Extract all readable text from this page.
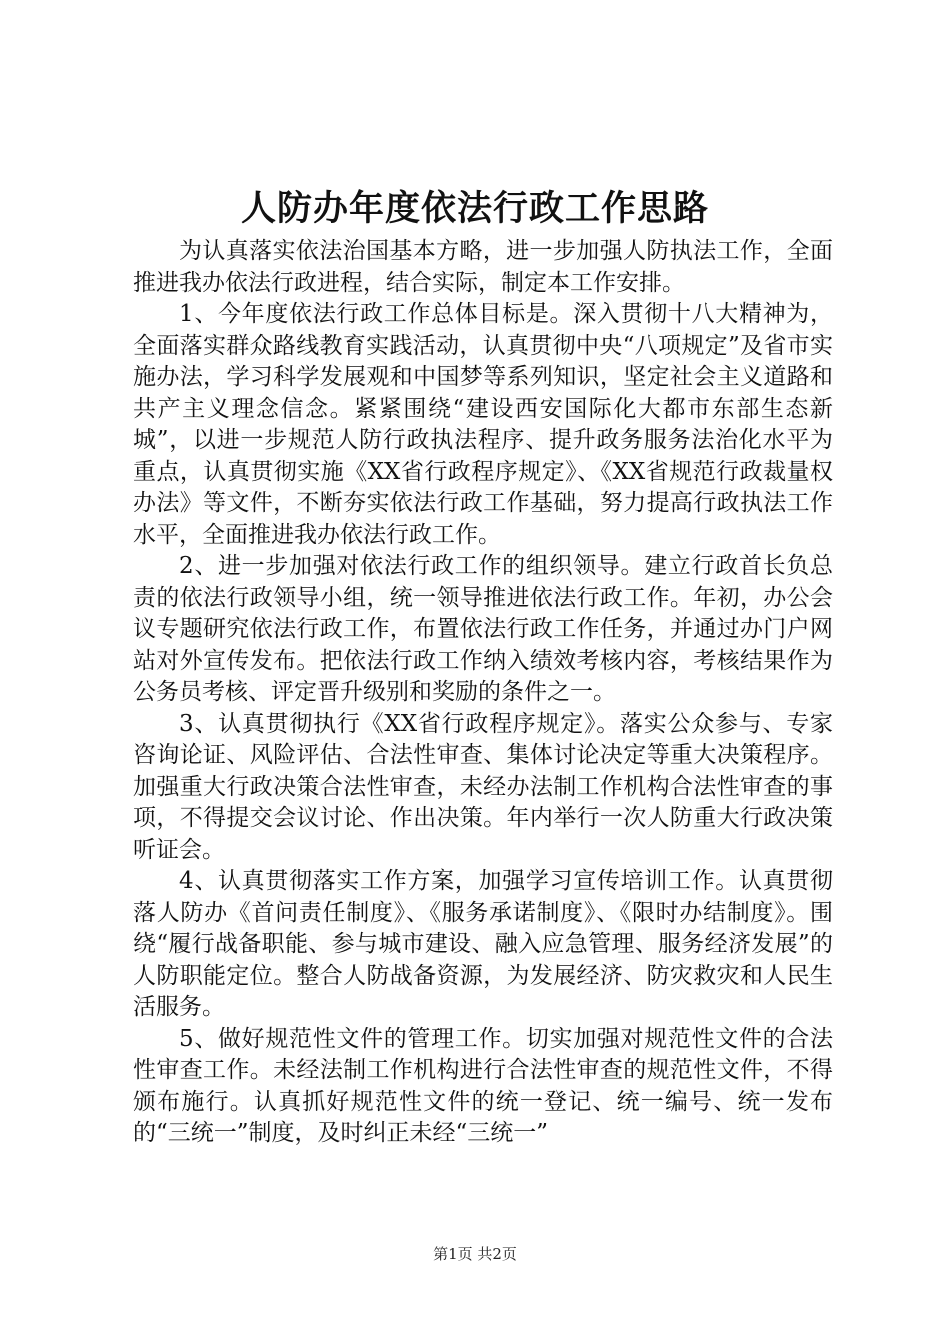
人防办年度依法行政工作思路

为认真落实依法治国基本方略，进一步加强人防执法工作，全面推进我办依法行政进程，结合实际，制定本工作安排。

1、今年度依法行政工作总体目标是。深入贯彻十八大精神为，全面落实群众路线教育实践活动，认真贯彻中央“八项规定”及省市实施办法，学习科学发展观和中国梦等系列知识，坚定社会主义道路和共产主义理念信念。紧紧围绕“建设西安国际化大都市东部生态新城”，以进一步规范人防行政执法程序、提升政务服务法治化水平为重点，认真贯彻实施《XX省行政程序规定》、《XX省规范行政裁量权办法》等文件，不断夯实依法行政工作基础，努力提高行政执法工作水平，全面推进我办依法行政工作。

2、进一步加强对依法行政工作的组织领导。建立行政首长负总责的依法行政领导小组，统一领导推进依法行政工作。年初，办公会议专题研究依法行政工作，布置依法行政工作任务，并通过办门户网站对外宣传发布。把依法行政工作纳入绩效考核内容，考核结果作为公务员考核、评定晋升级别和奖励的条件之一。

3、认真贯彻执行《XX省行政程序规定》。落实公众参与、专家咨询论证、风险评估、合法性审查、集体讨论决定等重大决策程序。加强重大行政决策合法性审查，未经办法制工作机构合法性审查的事项，不得提交会议讨论、作出决策。年内举行一次人防重大行政决策听证会。

4、认真贯彻落实工作方案，加强学习宣传培训工作。认真贯彻落人防办《首问责任制度》、《服务承诺制度》、《限时办结制度》。围绕“履行战备职能、参与城市建设、融入应急管理、服务经济发展”的人防职能定位。整合人防战备资源，为发展经济、防灾救灾和人民生活服务。

5、做好规范性文件的管理工作。切实加强对规范性文件的合法性审查工作。未经法制工作机构进行合法性审查的规范性文件，不得颁布施行。认真抓好规范性文件的统一登记、统一编号、统一发布的“三统一”制度，及时纠正未经“三统一”

第1页 共2页
